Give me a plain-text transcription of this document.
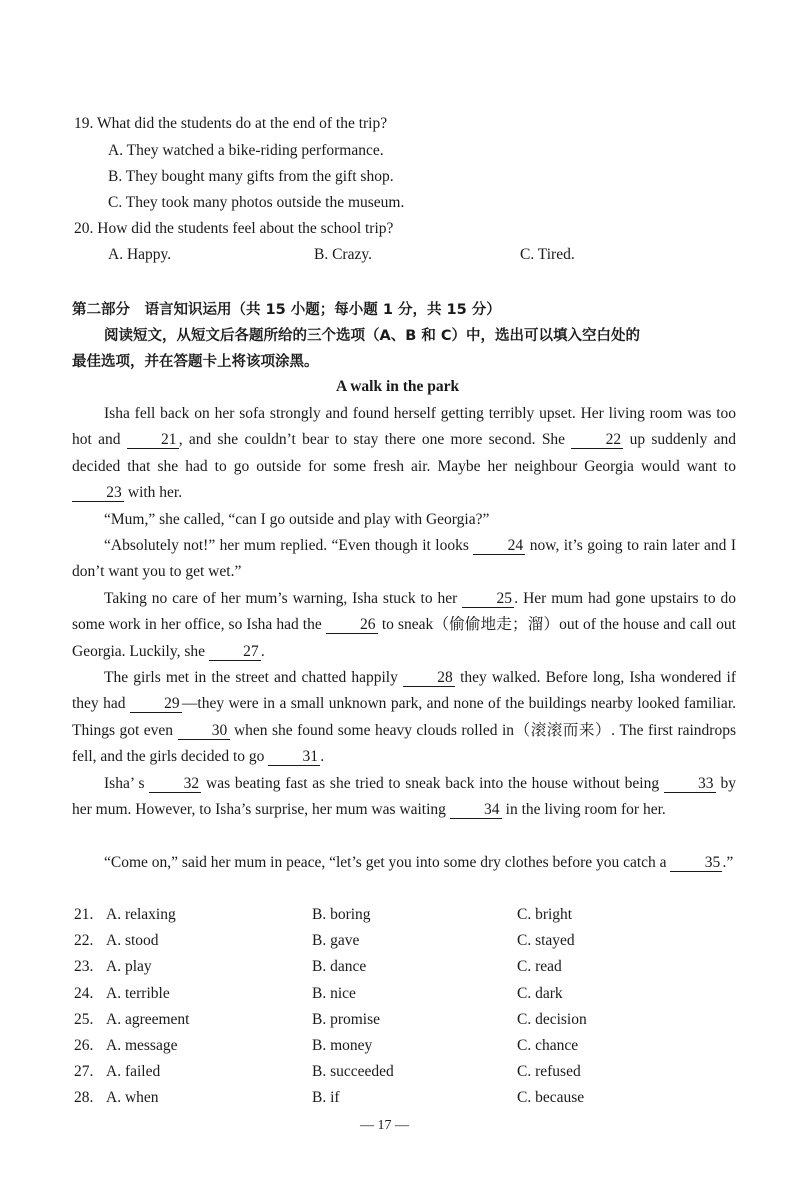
19. What did the students do at the end of the trip?
A. They watched a bike-riding performance.
B. They bought many gifts from the gift shop.
C. They took many photos outside the museum.
20. How did the students feel about the school trip?
A. Happy.	B. Crazy.	C. Tired.
第二部分　语言知识运用（共 15 小题；每小题 1 分，共 15 分）
阅读短文，从短文后各题所给的三个选项（A、B 和 C）中，选出可以填入空白处的
最佳选项，并在答题卡上将该项涂黑。
A walk in the park
Isha fell back on her sofa strongly and found herself getting terribly upset. Her living room was too hot and 21 , and she couldn’t bear to stay there one more second. She 22 up suddenly and decided that she had to go outside for some fresh air. Maybe her neighbour Georgia would want to 23 with her.
“Mum,” she called, “can I go outside and play with Georgia?”
“Absolutely not!” her mum replied. “Even though it looks 24 now, it’s going to rain later and I don’t want you to get wet.”
Taking no care of her mum’s warning, Isha stuck to her 25 . Her mum had gone upstairs to do some work in her office, so Isha had the 26 to sneak（偷偷地走；溜）out of the house and call out Georgia. Luckily, she 27 .
The girls met in the street and chatted happily 28 they walked. Before long, Isha wondered if they had 29 —they were in a small unknown park, and none of the buildings nearby looked familiar. Things got even 30 when she found some heavy clouds rolled in（滚滚而来）. The first raindrops fell, and the girls decided to go 31 .
Isha’ s 32 was beating fast as she tried to sneak back into the house without being 33 by her mum. However, to Isha’s surprise, her mum was waiting 34 in the living room for her.
“Come on,” said her mum in peace, “let’s get you into some dry clothes before you catch a 35 .”
21. A. relaxing	B. boring	C. bright
22. A. stood	B. gave	C. stayed
23. A. play	B. dance	C. read
24. A. terrible	B. nice	C. dark
25. A. agreement	B. promise	C. decision
26. A. message	B. money	C. chance
27. A. failed	B. succeeded	C. refused
28. A. when	B. if	C. because
— 17 —
